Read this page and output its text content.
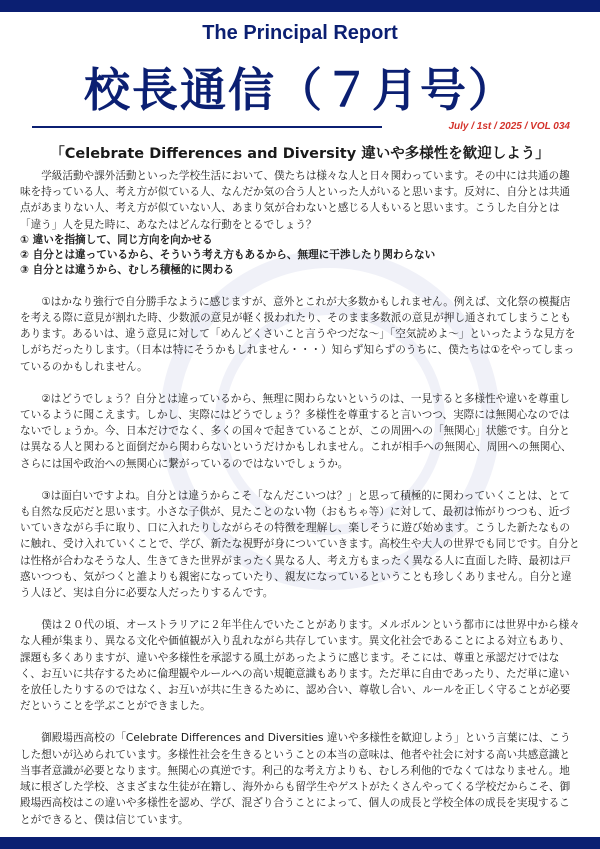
The Principal Report
校長通信（７月号）
July / 1st / 2025 / VOL 034
「Celebrate Differences and Diversity 違いや多様性を歓迎しよう」

学級活動や課外活動といった学校生活において、僕たちは様々な人と日々関わっています。その中には共通の趣味を持っている人、考え方が似ている人、なんだか気の合う人といった人がいると思います。反対に、自分とは共通点があまりない人、考え方が似ていない人、あまり気が合わないと感じる人もいると思います。こうした自分とは「違う」人を見た時に、あなたはどんな行動をとるでしょう？

① 違いを指摘して、同じ方向を向かせる
② 自分とは違っているから、そういう考え方もあるから、無理に干渉したり関わらない
③ 自分とは違うから、むしろ積極的に関わる

①はかなり強行で自分勝手なように感じますが、意外とこれが大多数かもしれません。例えば、文化祭の模擬店を考える際に意見が割れた時、少数派の意見が軽く扱われたり、そのまま多数派の意見が押し通されてしまうこともあります。あるいは、違う意見に対して「めんどくさいこと言うやつだな～」「空気読めよ～」といったような見方をしがちだったりします。（日本は特にそうかもしれません・・・）知らず知らずのうちに、僕たちは①をやってしまっているのかもしれません。

②はどうでしょう？自分とは違っているから、無理に関わらないというのは、一見すると多様性や違いを尊重しているように聞こえます。しかし、実際にはどうでしょう？多様性を尊重すると言いつつ、実際には無関心なのではないでしょうか。今、日本だけでなく、多くの国々で起きていることが、この周囲への「無関心」状態です。自分とは異なる人と関わると面倒だから関わらないというだけかもしれません。これが相手への無関心、周囲への無関心、さらには国や政治への無関心に繋がっているのではないでしょうか。

③は面白いですよね。自分とは違うからこそ「なんだこいつは？」と思って積極的に関わっていくことは、とても自然な反応だと思います。小さな子供が、見たことのない物（おもちゃ等）に対して、最初は怖がりつつも、近づいていきながら手に取り、口に入れたりしながらその特徴を理解し、楽しそうに遊び始めます。こうした新たなものに触れ、受け入れていくことで、学び、新たな視野が身についていきます。高校生や大人の世界でも同じです。自分とは性格が合わなそうな人、生きてきた世界がまったく異なる人、考え方もまったく異なる人に直面した時、最初は戸惑いつつも、気がつくと誰よりも親密になっていたり、親友になっているということも珍しくありません。自分と違う人ほど、実は自分に必要な人だったりするんです。

僕は２０代の頃、オーストラリアに２年半住んでいたことがあります。メルボルンという都市には世界中から様々な人種が集まり、異なる文化や価値観が入り乱れながら共存しています。異文化社会であることによる対立もあり、課題も多くありますが、違いや多様性を承認する風土があったように感じます。そこには、尊重と承認だけではなく、お互いに共存するために倫理観やルールへの高い規範意識もあります。ただ単に自由であったり、ただ単に違いを放任したりするのではなく、お互いが共に生きるために、認め合い、尊敬し合い、ルールを正しく守ることが必要だということを学ぶことができました。

御殿場西高校の「Celebrate Differences and Diversities 違いや多様性を歓迎しよう」という言葉には、こうした想いが込められています。多様性社会を生きるということの本当の意味は、他者や社会に対する高い共感意識と当事者意識が必要となります。無関心の真逆です。利己的な考え方よりも、むしろ利他的でなくてはなりません。地域に根ざした学校、さまざまな生徒が在籍し、海外からも留学生やゲストがたくさんやってくる学校だからこそ、御殿場西高校はこの違いや多様性を認め、学び、混ざり合うことによって、個人の成長と学校全体の成長を実現することができると、僕は信じています。
